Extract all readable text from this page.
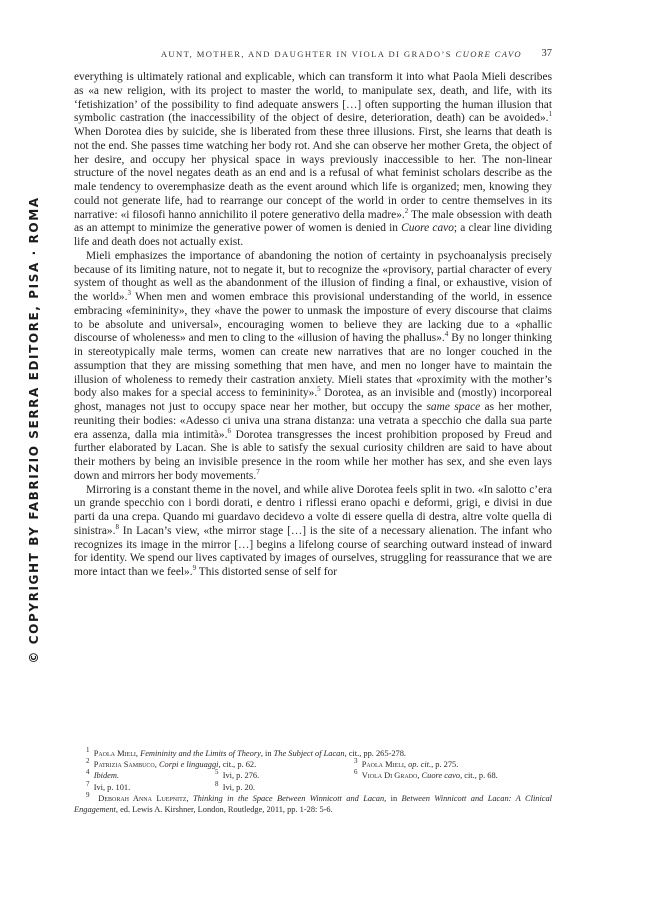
AUNT, MOTHER, AND DAUGHTER IN VIOLA DI GRADO’S CUORE CAVO 37
© COPYRIGHT BY FABRIZIO SERRA EDITORE, PISA · ROMA

everything is ultimately rational and explicable, which can transform it into what Paola Mieli describes as «a new religion, with its project to master the world, to manipulate sex, death, and life, with its ‘fetishization’ of the possibility to find adequate answers […] often supporting the human illusion that symbolic castration (the inaccessibility of the object of desire, deterioration, death) can be avoided».$^1$ When Dorotea dies by suicide, she is liberated from these three illusions. First, she learns that death is not the end. She passes time watching her body rot. And she can observe her mother Greta, the object of her desire, and occupy her physical space in ways previously inaccessible to her. The non-linear structure of the novel negates death as an end and is a refusal of what feminist scholars describe as the male tendency to overemphasize death as the event around which life is organized; men, knowing they could not generate life, had to rearrange our concept of the world in order to centre themselves in its narrative: «i filosofi hanno annichilito il potere generativo della madre».$^2$ The male obsession with death as an attempt to minimize the generative power of women is denied in Cuore cavo; a clear line dividing life and death does not actually exist.

Mieli emphasizes the importance of abandoning the notion of certainty in psychoanalysis precisely because of its limiting nature, not to negate it, but to recognize the «provisory, partial character of every system of thought as well as the abandonment of the illusion of finding a final, or exhaustive, vision of the world».$^3$ When men and women embrace this provisional understanding of the world, in essence embracing «femininity», they «have the power to unmask the imposture of every discourse that claims to be absolute and universal», encouraging women to believe they are lacking due to a «phallic discourse of wholeness» and men to cling to the «illusion of having the phallus».$^4$ By no longer thinking in stereotypically male terms, women can create new narratives that are no longer couched in the assumption that they are missing something that men have, and men no longer have to maintain the illusion of wholeness to remedy their castration anxiety. Mieli states that «proximity with the mother’s body also makes for a special access to femininity».$^5$ Dorotea, as an invisible and (mostly) incorporeal ghost, manages not just to occupy space near her mother, but occupy the same space as her mother, reuniting their bodies: «Adesso ci univa una strana distanza: una vetrata a specchio che dalla sua parte era assenza, dalla mia intimità».$^6$ Dorotea transgresses the incest prohibition proposed by Freud and further elaborated by Lacan. She is able to satisfy the sexual curiosity children are said to have about their mothers by being an invisible presence in the room while her mother has sex, and she even lays down and mirrors her body movements.$^7$

Mirroring is a constant theme in the novel, and while alive Dorotea feels split in two. «In salotto c’era un grande specchio con i bordi dorati, e dentro i riflessi erano opachi e deformi, grigi, e divisi in due parti da una crepa. Quando mi guardavo decidevo a volte di essere quella di destra, altre volte quella di sinistra».$^8$ In Lacan’s view, «the mirror stage […] is the site of a necessary alienation. The infant who recognizes its image in the mirror […] begins a lifelong course of searching outward instead of inward for identity. We spend our lives captivated by images of ourselves, struggling for reassurance that we are more intact than we feel».$^9$ This distorted sense of self for

$^1$ Paola Mieli, Femininity and the Limits of Theory, in The Subject of Lacan, cit., pp. 265-278.
$^2$ Patrizia Sambuco, Corpi e linguaggi, cit., p. 62.	$^3$ Paola Mieli, op. cit., p. 275.
$^4$ Ibidem.	$^5$ Ivi, p. 276.	$^6$ Viola Di Grado, Cuore cavo, cit., p. 68.
$^7$ Ivi, p. 101.	$^8$ Ivi, p. 20.
$^9$ Deborah Anna Luepnitz, Thinking in the Space Between Winnicott and Lacan, in Between Winnicott and Lacan: A Clinical Engagement, ed. Lewis A. Kirshner, London, Routledge, 2011, pp. 1-28: 5-6.
